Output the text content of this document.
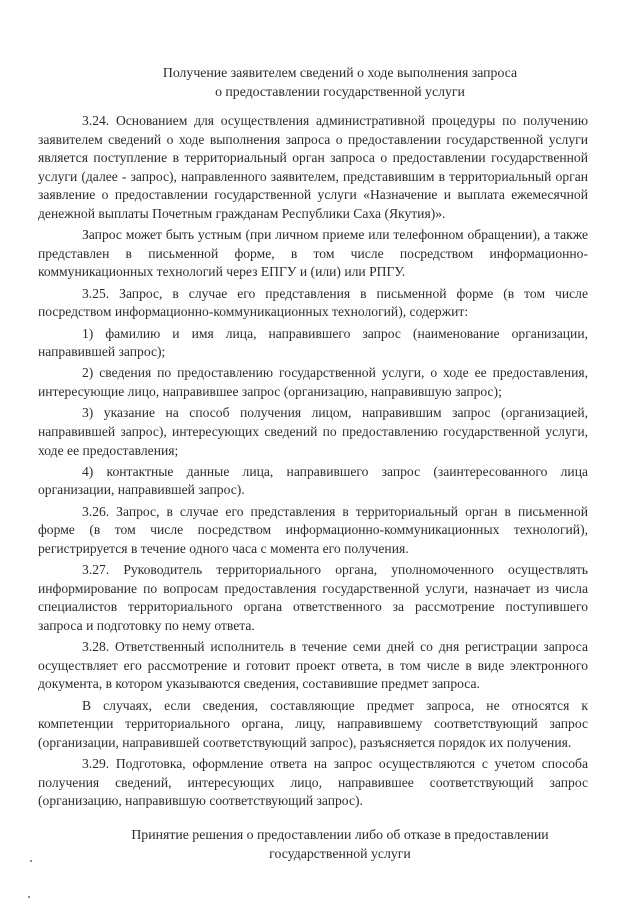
Получение заявителем сведений о ходе выполнения запроса
о предоставлении государственной услуги

3.24. Основанием для осуществления административной процедуры по получению заявителем сведений о ходе выполнения запроса о предоставлении государственной услуги является поступление в территориальный орган запроса о предоставлении государственной услуги (далее - запрос), направленного заявителем, представившим в территориальный орган заявление о предоставлении государственной услуги «Назначение и выплата ежемесячной денежной выплаты Почетным гражданам Республики Саха (Якутия)».

Запрос может быть устным (при личном приеме или телефонном обращении), а также представлен в письменной форме, в том числе посредством информационно-коммуникационных технологий через ЕПГУ и (или) или РПГУ.

3.25. Запрос, в случае его представления в письменной форме (в том числе посредством информационно-коммуникационных технологий), содержит:

1) фамилию и имя лица, направившего запрос (наименование организации, направившей запрос);

2) сведения по предоставлению государственной услуги, о ходе ее предоставления, интересующие лицо, направившее запрос (организацию, направившую запрос);

3) указание на способ получения лицом, направившим запрос (организацией, направившей запрос), интересующих сведений по предоставлению государственной услуги, ходе ее предоставления;

4) контактные данные лица, направившего запрос (заинтересованного лица организации, направившей запрос).

3.26. Запрос, в случае его представления в территориальный орган в письменной форме (в том числе посредством информационно-коммуникационных технологий), регистрируется в течение одного часа с момента его получения.

3.27. Руководитель территориального органа, уполномоченного осуществлять информирование по вопросам предоставления государственной услуги, назначает из числа специалистов территориального органа ответственного за рассмотрение поступившего запроса и подготовку по нему ответа.

3.28. Ответственный исполнитель в течение семи дней со дня регистрации запроса осуществляет его рассмотрение и готовит проект ответа, в том числе в виде электронного документа, в котором указываются сведения, составившие предмет запроса.

В случаях, если сведения, составляющие предмет запроса, не относятся к компетенции территориального органа, лицу, направившему соответствующий запрос (организации, направившей соответствующий запрос), разъясняется порядок их получения.

3.29. Подготовка, оформление ответа на запрос осуществляются с учетом способа получения сведений, интересующих лицо, направившее соответствующий запрос (организацию, направившую соответствующий запрос).

Принятие решения о предоставлении либо об отказе в предоставлении
государственной услуги
